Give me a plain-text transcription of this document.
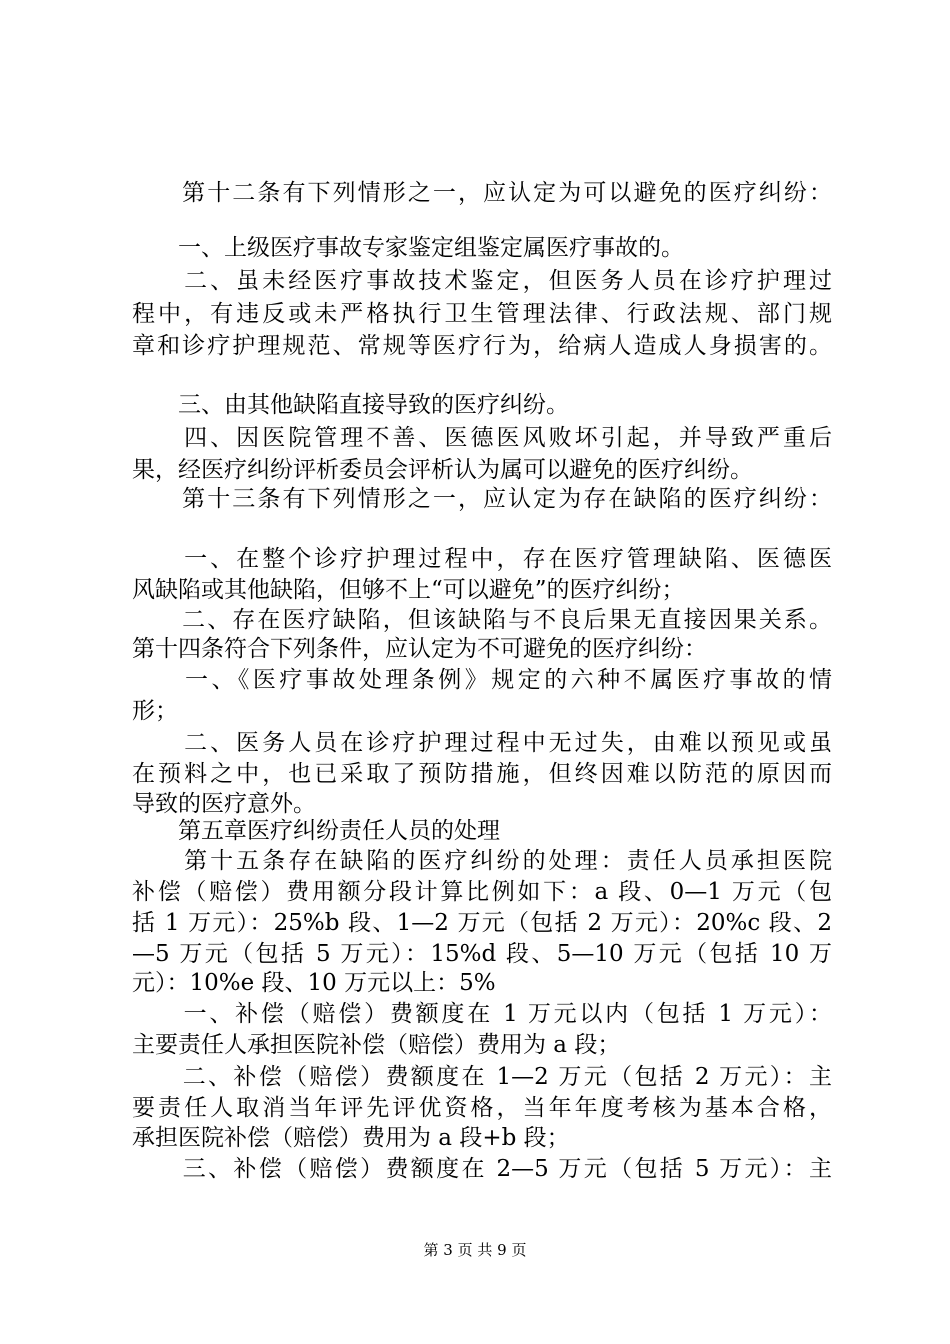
　　第十二条有下列情形之一，应认定为可以避免的医疗纠纷：
　　一、上级医疗事故专家鉴定组鉴定属医疗事故的。
　　二、虽未经医疗事故技术鉴定，但医务人员在诊疗护理过
程中，有违反或未严格执行卫生管理法律、行政法规、部门规
章和诊疗护理规范、常规等医疗行为，给病人造成人身损害的。
　　三、由其他缺陷直接导致的医疗纠纷。
　　四、因医院管理不善、医德医风败坏引起，并导致严重后
果，经医疗纠纷评析委员会评析认为属可以避免的医疗纠纷。
　　第十三条有下列情形之一，应认定为存在缺陷的医疗纠纷：
　　一、在整个诊疗护理过程中，存在医疗管理缺陷、医德医
风缺陷或其他缺陷，但够不上“可以避免”的医疗纠纷；
　　二、存在医疗缺陷，但该缺陷与不良后果无直接因果关系。
第十四条符合下列条件，应认定为不可避免的医疗纠纷：
　　一、《医疗事故处理条例》规定的六种不属医疗事故的情
形；
　　二、医务人员在诊疗护理过程中无过失，由难以预见或虽
在预料之中，也已采取了预防措施，但终因难以防范的原因而
导致的医疗意外。
　　第五章医疗纠纷责任人员的处理
　　第十五条存在缺陷的医疗纠纷的处理：责任人员承担医院
补偿（赔偿）费用额分段计算比例如下：a 段、0—1 万元（包
括 1 万元）：25%b 段、1—2 万元（包括 2 万元）：20%c 段、2
—5 万元（包括 5 万元）：15%d 段、5—10 万元（包括 10 万
元）：10%e 段、10 万元以上：5%
　　一、补偿（赔偿）费额度在 1 万元以内（包括 1 万元）：
主要责任人承担医院补偿（赔偿）费用为 a 段；
　　二、补偿（赔偿）费额度在 1—2 万元（包括 2 万元）：主
要责任人取消当年评先评优资格，当年年度考核为基本合格，
承担医院补偿（赔偿）费用为 a 段+b 段；
　　三、补偿（赔偿）费额度在 2—5 万元（包括 5 万元）：主
第 3 页 共 9 页
